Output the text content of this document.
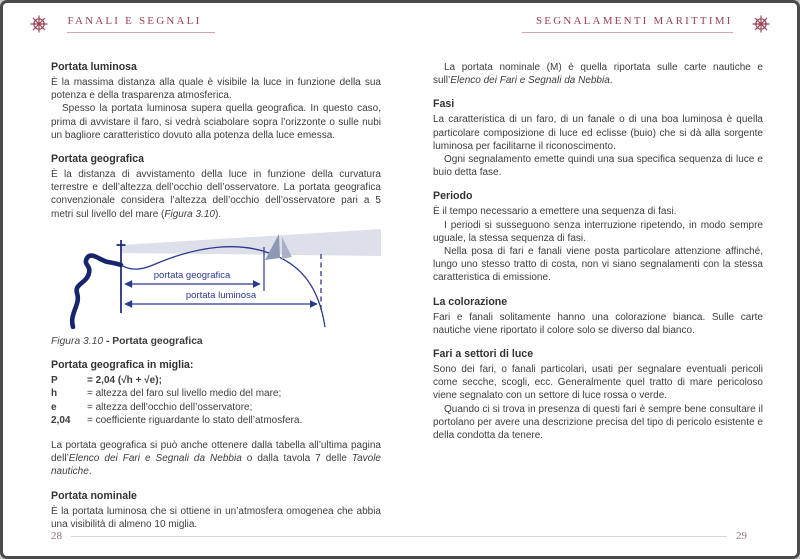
FANALI E SEGNALI	SEGNALAMENTI MARITTIMI
Portata luminosa

È la massima distanza alla quale è visibile la luce in funzione della sua potenza e della trasparenza atmosferica.

Spesso la portata luminosa supera quella geografica. In questo caso, prima di avvistare il faro, si vedrà sciabolare sopra l’orizzonte o sulle nubi un bagliore caratteristico dovuto alla potenza della luce emessa.

Portata geografica

È la distanza di avvistamento della luce in funzione della curvatura terrestre e dell’altezza dell’occhio dell’osservatore. La portata geografica convenzionale considera l’altezza dell’occhio dell’osservatore pari a 5 metri sul livello del mare (Figura 3.10).

portata geografica
portata luminosa

Figura 3.10 - Portata geografica

Portata geografica in miglia:
P	= 2,04 (√h + √e);
h	= altezza del faro sul livello medio del mare;
e	= altezza dell’occhio dell’osservatore;
2,04	= coefficiente riguardante lo stato dell’atmosfera.

La portata geografica si può anche ottenere dalla tabella all’ultima pagina dell’Elenco dei Fari e Segnali da Nebbia o dalla tavola 7 delle Tavole nautiche.

Portata nominale

È la portata luminosa che si ottiene in un’atmosfera omogenea che abbia una visibilità di almeno 10 miglia.

La portata nominale (M) è quella riportata sulle carte nautiche e sull’Elenco dei Fari e Segnali da Nebbia.

Fasi

La caratteristica di un faro, di un fanale o di una boa luminosa è quella particolare composizione di luce ed eclisse (buio) che si dà alla sorgente luminosa per facilitarne il riconoscimento.

Ogni segnalamento emette quindi una sua specifica sequenza di luce e buio detta fase.

Periodo

È il tempo necessario a emettere una sequenza di fasi.

I periodi si susseguono senza interruzione ripetendo, in modo sempre uguale, la stessa sequenza di fasi.

Nella posa di fari e fanali viene posta particolare attenzione affinché, lungo uno stesso tratto di costa, non vi siano segnalamenti con la stessa caratteristica di emissione.

La colorazione

Fari e fanali solitamente hanno una colorazione bianca. Sulle carte nautiche viene riportato il colore solo se diverso dal bianco.

Fari a settori di luce

Sono dei fari, o fanali particolari, usati per segnalare eventuali pericoli come secche, scogli, ecc. Generalmente quel tratto di mare pericoloso viene segnalato con un settore di luce rossa o verde.

Quando ci si trova in presenza di questi fari è sempre bene consultare il portolano per avere una descrizione precisa del tipo di pericolo esistente e della condotta da tenere.

28	29
